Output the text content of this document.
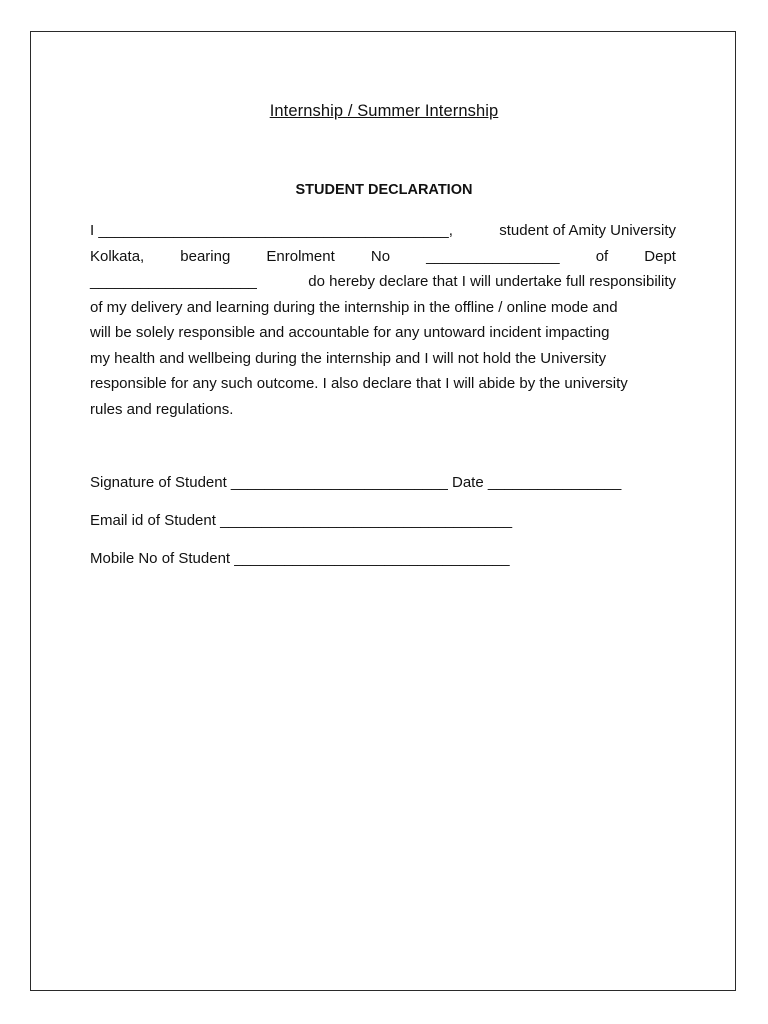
Internship / Summer Internship
STUDENT DECLARATION
I __________________________________________,	student of Amity University
Kolkata, bearing Enrolment No ________________ of Dept
____________________	do hereby declare that I will undertake full responsibility
of my delivery and learning during the internship in the offline / online mode and
will be solely responsible and accountable for any untoward incident impacting
my health and wellbeing during the internship and I will not hold the University
responsible for any such outcome. I also declare that I will abide by the university
rules and regulations.
Signature of Student __________________________ Date ________________
Email id of Student ___________________________________
Mobile No of Student _________________________________
